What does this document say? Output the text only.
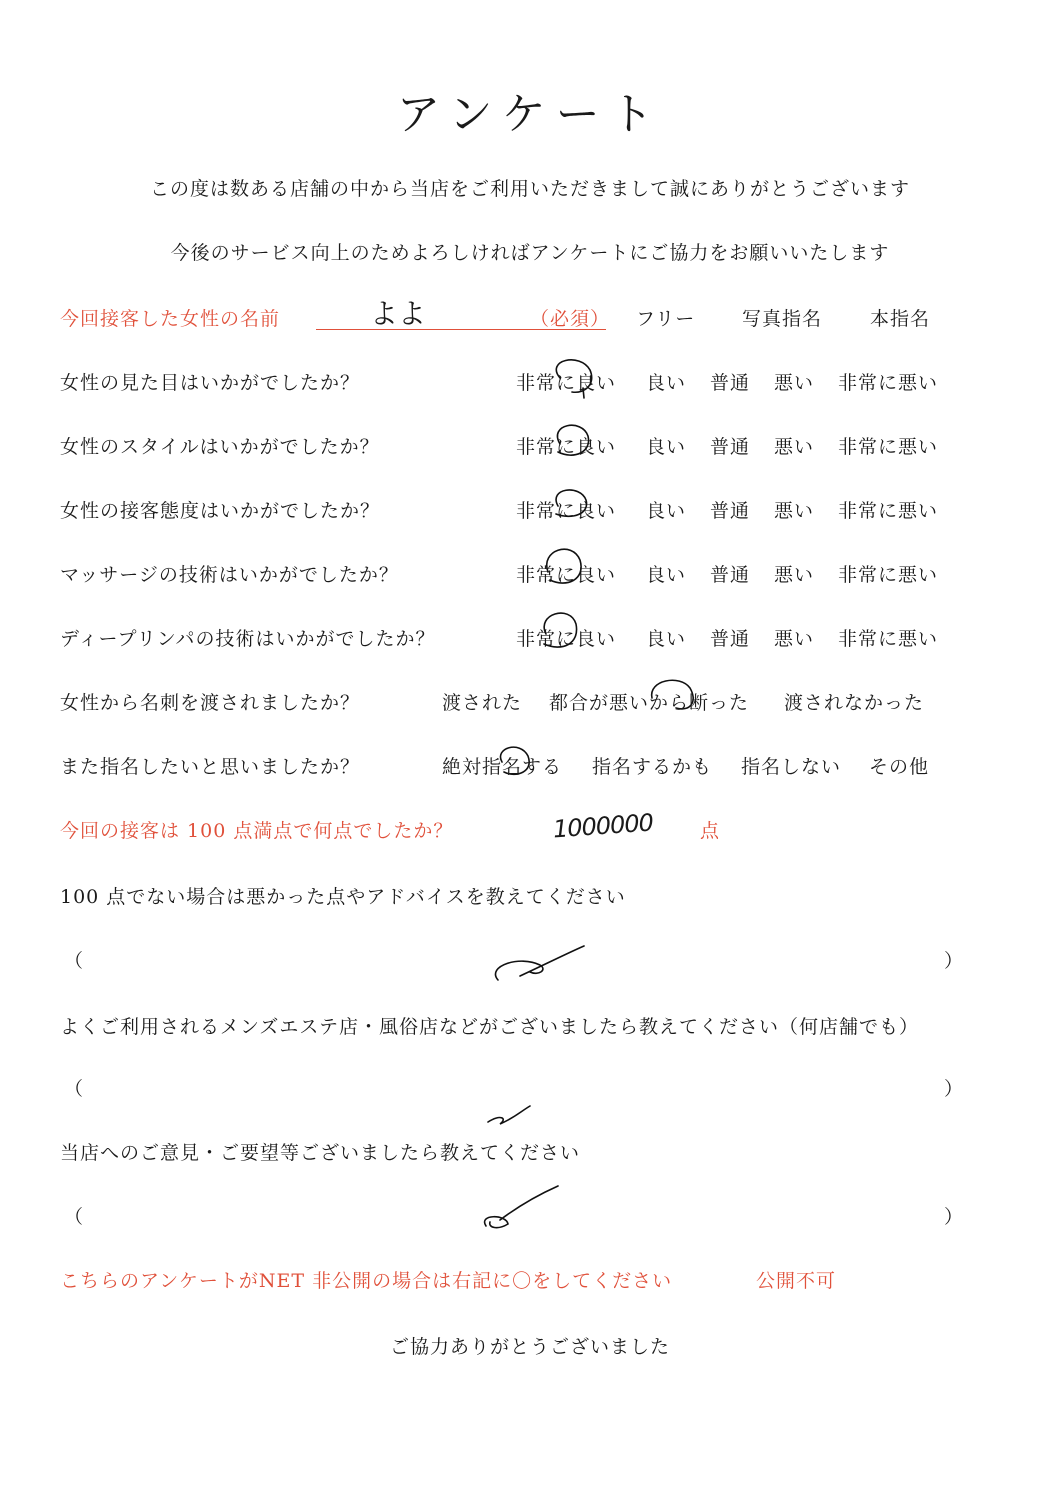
アンケート
この度は数ある店舗の中から当店をご利用いただきまして誠にありがとうございます
今後のサービス向上のためよろしければアンケートにご協力をお願いいたします
今回接客した女性の名前	よよ	（必須） フリー 写真指名	本指名
女性の見た目はいかがでしたか？	非常に良い 良い 普通 悪い 非常に悪い
女性のスタイルはいかがでしたか？	非常に良い 良い 普通 悪い 非常に悪い
女性の接客態度はいかがでしたか？	非常に良い 良い 普通 悪い 非常に悪い
マッサージの技術はいかがでしたか？	非常に良い 良い 普通 悪い 非常に悪い
ディープリンパの技術はいかがでしたか？	非常に良い 良い 普通 悪い 非常に悪い
女性から名刺を渡されましたか？	渡された 都合が悪いから断った 渡されなかった
また指名したいと思いましたか？	絶対指名する 指名するかも 指名しない その他
今回の接客は 100 点満点で何点でしたか？	1000000 点
100 点でない場合は悪かった点やアドバイスを教えてください
（	）
よくご利用されるメンズエステ店・風俗店などがございましたら教えてください（何店舗でも）
（	）
当店へのご意見・ご要望等ございましたら教えてください
（	）
こちらのアンケートがNET 非公開の場合は右記に〇をしてください	公開不可
ご協力ありがとうございました
